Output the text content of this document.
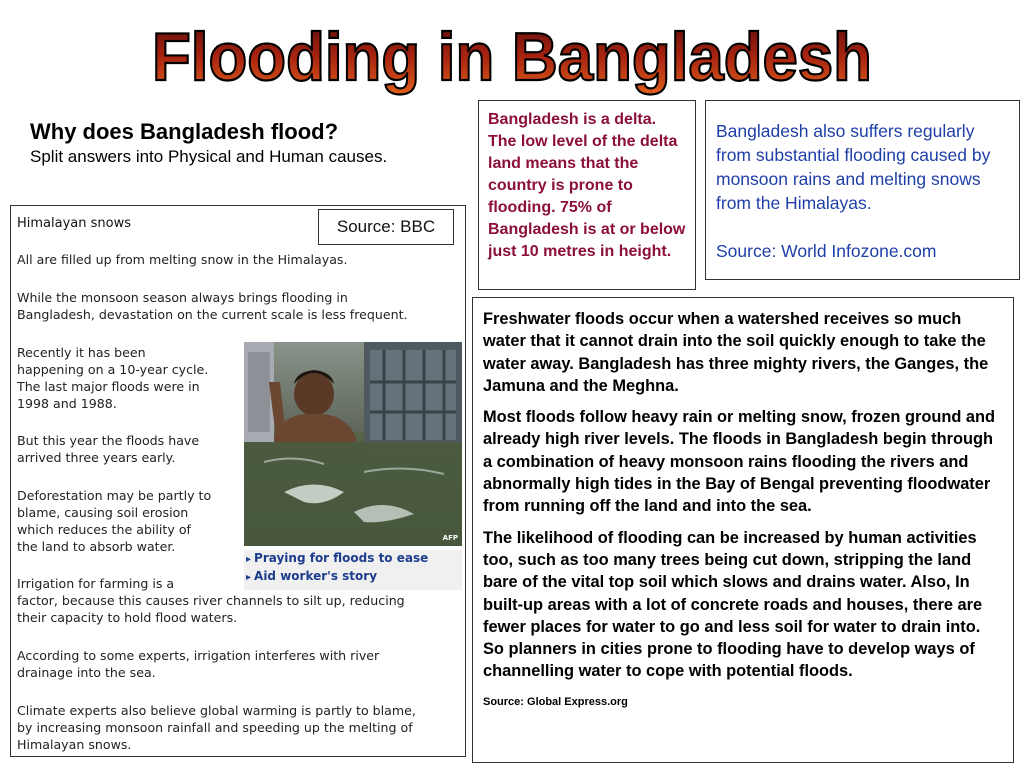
Flooding in Bangladesh
Why does Bangladesh flood?
Split answers into Physical and Human causes.
Bangladesh is a delta. The low level of the delta land means that the country is prone to flooding. 75% of Bangladesh is at or below just 10 metres in height.

Bangladesh also suffers regularly from substantial flooding caused by monsoon rains and melting snows from the Himalayas.

Source: World Infozone.com

Himalayan snows	Source: BBC
All are filled up from melting snow in the Himalayas.
While the monsoon season always brings flooding in
Bangladesh, devastation on the current scale is less frequent.
Recently it has been
happening on a 10-year cycle.
The last major floods were in
1998 and 1988.
But this year the floods have
arrived three years early.
Deforestation may be partly to
blame, causing soil erosion
which reduces the ability of
the land to absorb water.
Irrigation for farming is a
factor, because this causes river channels to silt up, reducing
their capacity to hold flood waters.
According to some experts, irrigation interferes with river
drainage into the sea.
Climate experts also believe global warming is partly to blame,
by increasing monsoon rainfall and speeding up the melting of
Himalayan snows.
AFP
▸ Praying for floods to ease
▸ Aid worker's story

Freshwater floods occur when a watershed receives so much water that it cannot drain into the soil quickly enough to take the water away. Bangladesh has three mighty rivers, the Ganges, the Jamuna and the Meghna.

Most floods follow heavy rain or melting snow, frozen ground and already high river levels. The floods in Bangladesh begin through a combination of heavy monsoon rains flooding the rivers and abnormally high tides in the Bay of Bengal preventing floodwater from running off the land and into the sea.

The likelihood of flooding can be increased by human activities too, such as too many trees being cut down, stripping the land bare of the vital top soil which slows and drains water. Also, In built-up areas with a lot of concrete roads and houses, there are fewer places for water to go and less soil for water to drain into. So planners in cities prone to flooding have to develop ways of channelling water to cope with potential floods.

Source: Global Express.org
